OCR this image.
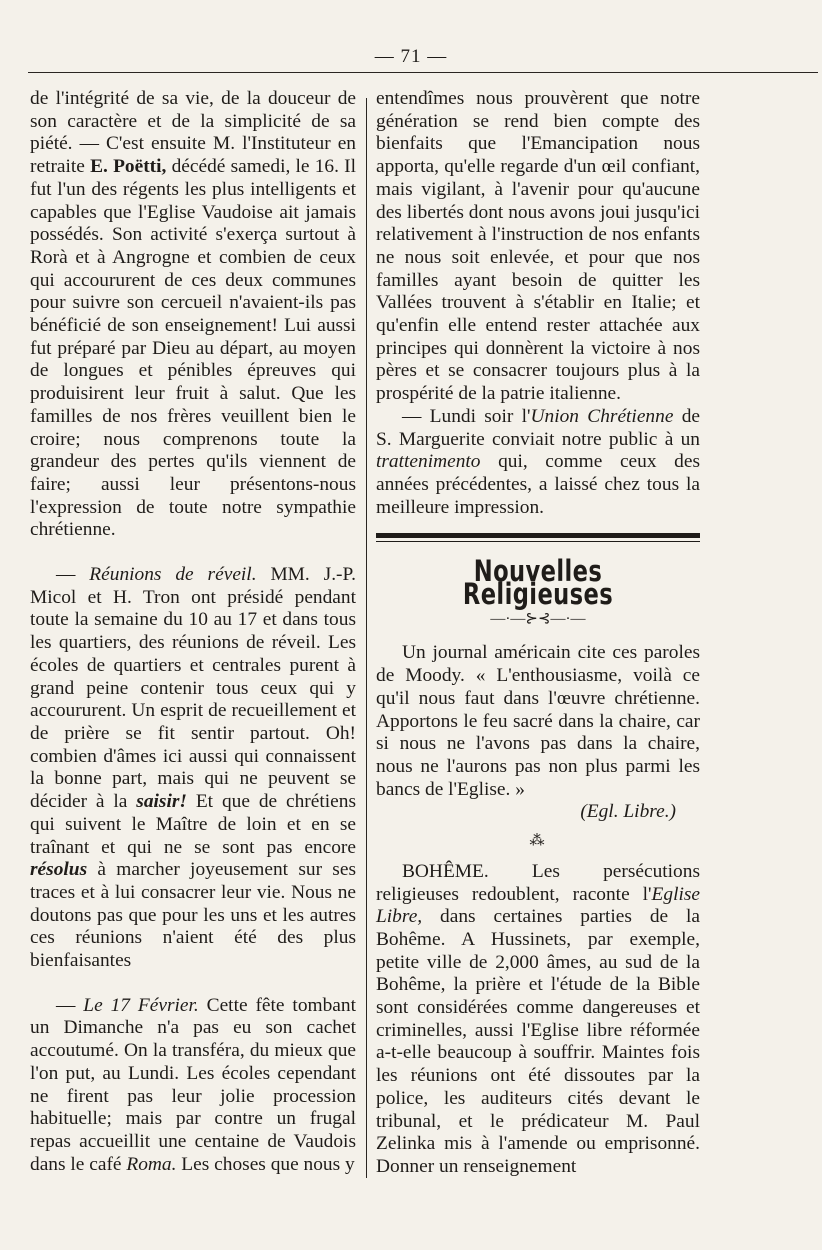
— 71 —

de l'intégrité de sa vie, de la douceur de son caractère et de la simplicité de sa piété. — C'est ensuite M. l'Instituteur en retraite E. Poëtti, décédé samedi, le 16. Il fut l'un des régents les plus intelligents et capables que l'Eglise Vaudoise ait jamais possédés. Son activité s'exerça surtout à Rorà et à Angrogne et combien de ceux qui accoururent de ces deux communes pour suivre son cercueil n'avaient-ils pas bénéficié de son enseignement! Lui aussi fut préparé par Dieu au départ, au moyen de longues et pénibles épreuves qui produisirent leur fruit à salut. Que les familles de nos frères veuillent bien le croire; nous comprenons toute la grandeur des pertes qu'ils viennent de faire; aussi leur présentons-nous l'expression de toute notre sympathie chrétienne.

— Réunions de réveil. MM. J.-P. Micol et H. Tron ont présidé pendant toute la semaine du 10 au 17 et dans tous les quartiers, des réunions de réveil. Les écoles de quartiers et centrales purent à grand peine contenir tous ceux qui y accoururent. Un esprit de recueillement et de prière se fit sentir partout. Oh! combien d'âmes ici aussi qui connaissent la bonne part, mais qui ne peuvent se décider à la saisir! Et que de chrétiens qui suivent le Maître de loin et en se traînant et qui ne se sont pas encore résolus à marcher joyeusement sur ses traces et à lui consacrer leur vie. Nous ne doutons pas que pour les uns et les autres ces réunions n'aient été des plus bienfaisantes

— Le 17 Février. Cette fête tombant un Dimanche n'a pas eu son cachet accoutumé. On la transféra, du mieux que l'on put, au Lundi. Les écoles cependant ne firent pas leur jolie procession habituelle; mais par contre un frugal repas accueillit une centaine de Vaudois dans le café Roma. Les choses que nous y

entendîmes nous prouvèrent que notre génération se rend bien compte des bienfaits que l'Emancipation nous apporta, qu'elle regarde d'un œil confiant, mais vigilant, à l'avenir pour qu'aucune des libertés dont nous avons joui jusqu'ici relativement à l'instruction de nos enfants ne nous soit enlevée, et pour que nos familles ayant besoin de quitter les Vallées trouvent à s'établir en Italie; et qu'enfin elle entend rester attachée aux principes qui donnèrent la victoire à nos pères et se consacrer toujours plus à la prospérité de la patrie italienne.

— Lundi soir l'Union Chrétienne de S. Marguerite conviait notre public à un trattenimento qui, comme ceux des années précédentes, a laissé chez tous la meilleure impression.

Nouvelles Religieuses
—·—⊱⊰—·—

Un journal américain cite ces paroles de Moody. « L'enthousiasme, voilà ce qu'il nous faut dans l'œuvre chrétienne. Apportons le feu sacré dans la chaire, car si nous ne l'avons pas dans la chaire, nous ne l'aurons pas non plus parmi les bancs de l'Eglise. »

(Egl. Libre.)

⁂

BOHÊME. Les persécutions religieuses redoublent, raconte l'Eglise Libre, dans certaines parties de la Bohême. A Hussinets, par exemple, petite ville de 2,000 âmes, au sud de la Bohême, la prière et l'étude de la Bible sont considérées comme dangereuses et criminelles, aussi l'Eglise libre réformée a-t-elle beaucoup à souffrir. Maintes fois les réunions ont été dissoutes par la police, les auditeurs cités devant le tribunal, et le prédicateur M. Paul Zelinka mis à l'amende ou emprisonné. Donner un renseignement
